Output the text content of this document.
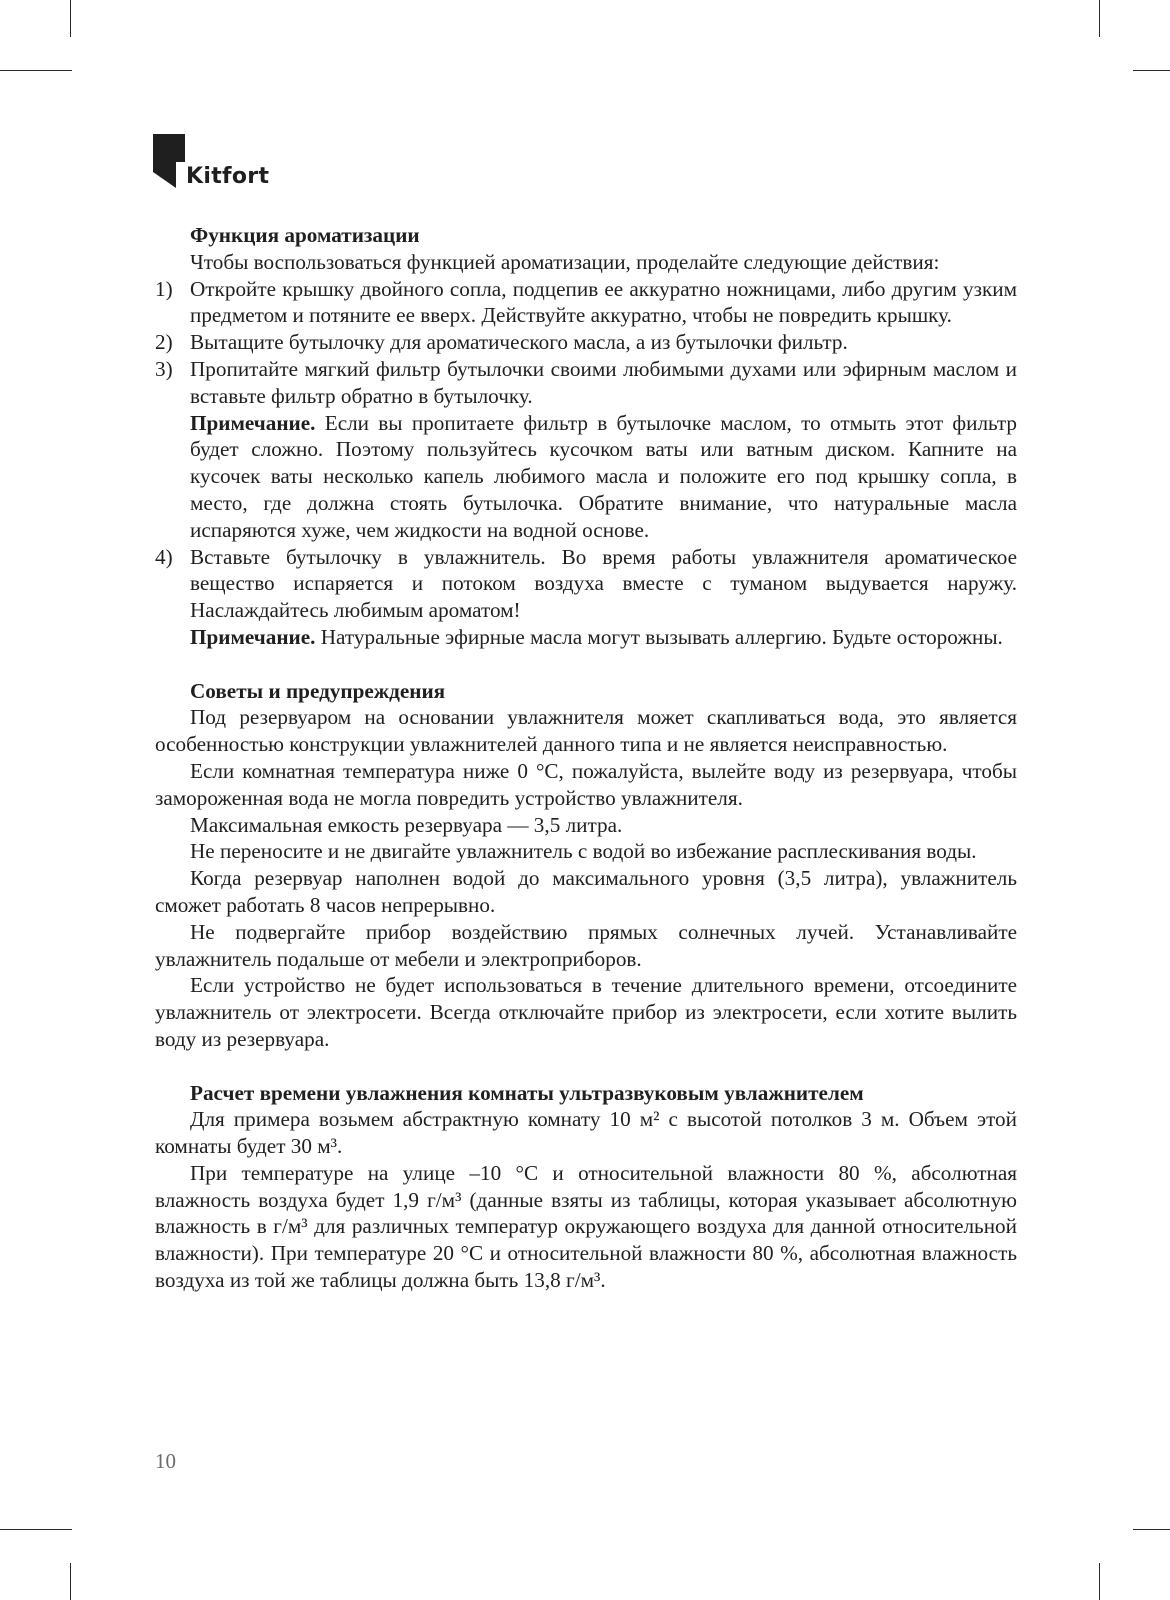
Kitfort

Функция ароматизации

Чтобы воспользоваться функцией ароматизации, проделайте следующие действия:

1) Откройте крышку двойного сопла, подцепив ее аккуратно ножницами, либо другим узким предметом и потяните ее вверх. Действуйте аккуратно, чтобы не повредить крышку.
2) Вытащите бутылочку для ароматического масла, а из бутылочки фильтр.
3) Пропитайте мягкий фильтр бутылочки своими любимыми духами или эфирным маслом и вставьте фильтр обратно в бутылочку.

Примечание. Если вы пропитаете фильтр в бутылочке маслом, то отмыть этот фильтр будет сложно. Поэтому пользуйтесь кусочком ваты или ватным диском. Капните на кусочек ваты несколько капель любимого масла и положите его под крышку сопла, в место, где должна стоять бутылочка. Обратите внимание, что натуральные масла испаряются хуже, чем жидкости на водной основе.

4) Вставьте бутылочку в увлажнитель. Во время работы увлажнителя ароматическое вещество испаряется и потоком воздуха вместе с туманом выдувается наружу. Наслаждайтесь любимым ароматом!

Примечание. Натуральные эфирные масла могут вызывать аллергию. Будьте осторожны.

Советы и предупреждения

Под резервуаром на основании увлажнителя может скапливаться вода, это является особенностью конструкции увлажнителей данного типа и не является неисправностью.

Если комнатная температура ниже 0 °С, пожалуйста, вылейте воду из резервуара, чтобы замороженная вода не могла повредить устройство увлажнителя.

Максимальная емкость резервуара — 3,5 литра.

Не переносите и не двигайте увлажнитель с водой во избежание расплескивания воды.

Когда резервуар наполнен водой до максимального уровня (3,5 литра), увлажнитель сможет работать 8 часов непрерывно.

Не подвергайте прибор воздействию прямых солнечных лучей. Устанавливайте увлажнитель подальше от мебели и электроприборов.

Если устройство не будет использоваться в течение длительного времени, отсоедините увлажнитель от электросети. Всегда отключайте прибор из электросети, если хотите вылить воду из резервуара.

Расчет времени увлажнения комнаты ультразвуковым увлажнителем

Для примера возьмем абстрактную комнату 10 м² с высотой потолков 3 м. Объем этой комнаты будет 30 м³.

При температуре на улице –10 °С и относительной влажности 80 %, абсолютная влажность воздуха будет 1,9 г/м³ (данные взяты из таблицы, которая указывает абсолютную влажность в г/м³ для различных температур окружающего воздуха для данной относительной влажности). При температуре 20 °С и относительной влажности 80 %, абсолютная влажность воздуха из той же таблицы должна быть 13,8 г/м³.

10
